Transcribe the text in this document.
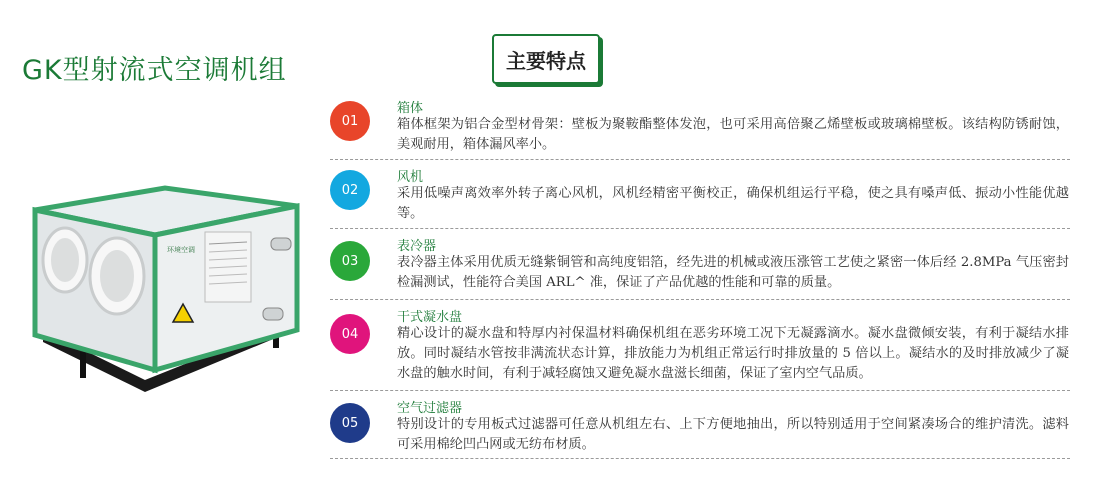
GK型射流式空调机组	主要特点
环境空调
01
箱体
箱体框架为铝合金型材骨架：壁板为聚鞍酯整体发泡，也可采用高倍聚乙烯壁板或玻璃棉壁板。该结构防锈耐蚀，美观耐用，箱体漏风率小。
02
风机
采用低噪声离效率外转子离心风机，风机经精密平衡校正，确保机组运行平稳，使之具有嗓声低、振动小性能优越等。
03
表冷器
表冷器主体采用优质无缝紫铜管和高纯度铝箔，经先进的机械或液压涨管工艺使之紧密一体后经 2.8MPa 气压密封检漏测试，性能符合美国 ARL^ 准，保证了产品优越的性能和可靠的质量。
04
干式凝水盘
精心设计的凝水盘和特厚内衬保温材料确保机组在恶劣环境工况下无凝露滴水。凝水盘微倾安装，有利于凝结水排放。同时凝结水管按非满流状态计算，排放能力为机组正常运行时排放量的 5 倍以上。凝结水的及时排放减少了凝水盘的触水时间，有利于减轻腐蚀又避免凝水盘滋长细菌，保证了室内空气品质。
05
空气过滤器
特别设计的专用板式过滤器可任意从机组左右、上下方便地抽出，所以特别适用于空间紧凑场合的维护清洗。滤料可采用棉纶凹凸网或无纺布材质。
